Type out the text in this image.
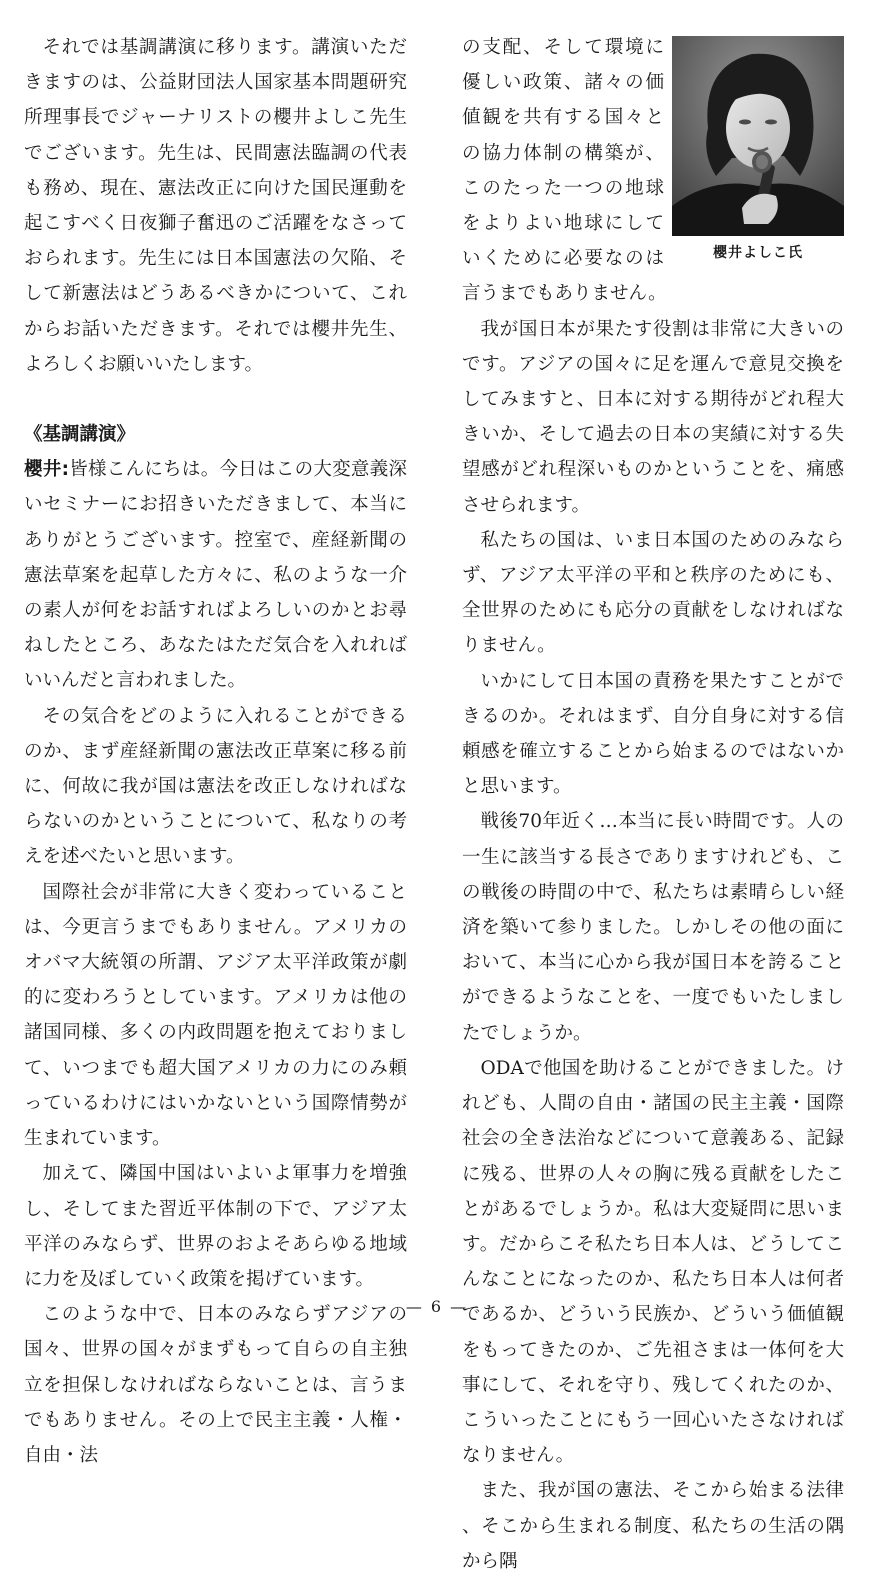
それでは基調講演に移ります。講演いただきますのは、公益財団法人国家基本問題研究所理事長でジャーナリストの櫻井よしこ先生でございます。先生は、民間憲法臨調の代表も務め、現在、憲法改正に向けた国民運動を起こすべく日夜獅子奮迅のご活躍をなさっておられます。先生には日本国憲法の欠陥、そして新憲法はどうあるべきかについて、これからお話いただきます。それでは櫻井先生、よろしくお願いいたします。

《基調講演》

櫻井:皆様こんにちは。今日はこの大変意義深いセミナーにお招きいただきまして、本当にありがとうございます。控室で、産経新聞の憲法草案を起草した方々に、私のような一介の素人が何をお話すればよろしいのかとお尋ねしたところ、あなたはただ気合を入れればいいんだと言われました。

その気合をどのように入れることができるのか、まず産経新聞の憲法改正草案に移る前に、何故に我が国は憲法を改正しなければならないのかということについて、私なりの考えを述べたいと思います。

国際社会が非常に大きく変わっていることは、今更言うまでもありません。アメリカのオバマ大統領の所謂、アジア太平洋政策が劇的に変わろうとしています。アメリカは他の諸国同様、多くの内政問題を抱えておりまして、いつまでも超大国アメリカの力にのみ頼っているわけにはいかないという国際情勢が生まれています。

加えて、隣国中国はいよいよ軍事力を増強し、そしてまた習近平体制の下で、アジア太平洋のみならず、世界のおよそあらゆる地域に力を及ぼしていく政策を掲げています。

このような中で、日本のみならずアジアの国々、世界の国々がまずもって自らの自主独立を担保しなければならないことは、言うまでもありません。その上で民主主義・人権・自由・法

櫻井よしこ氏

の支配、そして環境に優しい政策、諸々の価値観を共有する国々との協力体制の構築が、このたった一つの地球をよりよい地球にしていくために必要なのは言うまでもありません。

我が国日本が果たす役割は非常に大きいのです。アジアの国々に足を運んで意見交換をしてみますと、日本に対する期待がどれ程大きいか、そして過去の日本の実績に対する失望感がどれ程深いものかということを、痛感させられます。

私たちの国は、いま日本国のためのみならず、アジア太平洋の平和と秩序のためにも、全世界のためにも応分の貢献をしなければなりません。

いかにして日本国の責務を果たすことができるのか。それはまず、自分自身に対する信頼感を確立することから始まるのではないかと思います。

戦後70年近く…本当に長い時間です。人の一生に該当する長さでありますけれども、この戦後の時間の中で、私たちは素晴らしい経済を築いて参りました。しかしその他の面において、本当に心から我が国日本を誇ることができるようなことを、一度でもいたしましたでしょうか。

ODAで他国を助けることができました。けれども、人間の自由・諸国の民主主義・国際社会の全き法治などについて意義ある、記録に残る、世界の人々の胸に残る貢献をしたことがあるでしょうか。私は大変疑問に思います。だからこそ私たち日本人は、どうしてこんなことになったのか、私たち日本人は何者であるか、どういう民族か、どういう価値観をもってきたのか、ご先祖さまは一体何を大事にして、それを守り、残してくれたのか、こういったことにもう一回心いたさなければなりません。

また、我が国の憲法、そこから始まる法律、そこから生まれる制度、私たちの生活の隅から隅

— 6 —
